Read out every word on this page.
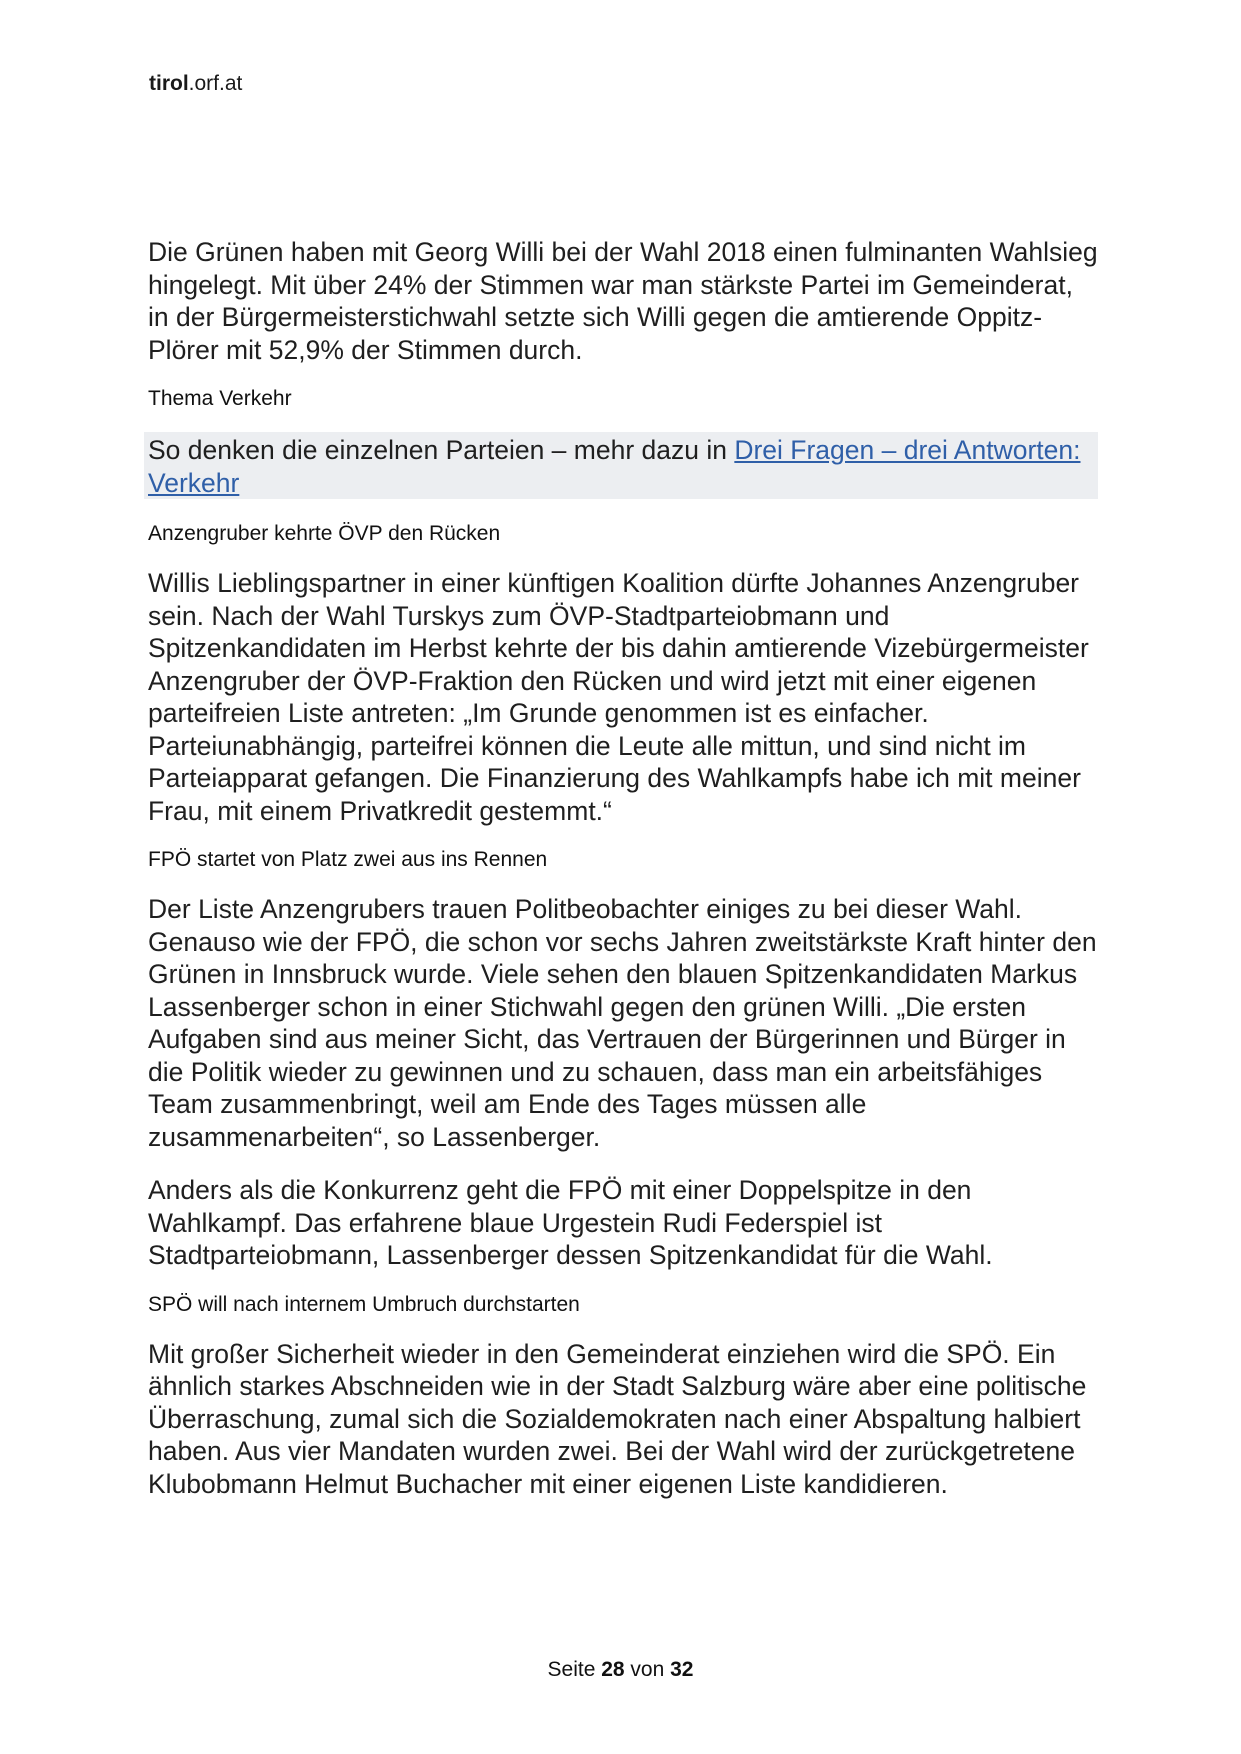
tirol.orf.at

Die Grünen haben mit Georg Willi bei der Wahl 2018 einen fulminanten Wahlsieg hingelegt. Mit über 24% der Stimmen war man stärkste Partei im Gemeinderat, in der Bürgermeisterstichwahl setzte sich Willi gegen die amtierende Oppitz-Plörer mit 52,9% der Stimmen durch.

Thema Verkehr

So denken die einzelnen Parteien – mehr dazu in Drei Fragen – drei Antworten: Verkehr

Anzengruber kehrte ÖVP den Rücken

Willis Lieblingspartner in einer künftigen Koalition dürfte Johannes Anzengruber sein. Nach der Wahl Turskys zum ÖVP-Stadtparteiobmann und Spitzenkandidaten im Herbst kehrte der bis dahin amtierende Vizebürgermeister Anzengruber der ÖVP-Fraktion den Rücken und wird jetzt mit einer eigenen parteifreien Liste antreten: „Im Grunde genommen ist es einfacher. Parteiunabhängig, parteifrei können die Leute alle mittun, und sind nicht im Parteiapparat gefangen. Die Finanzierung des Wahlkampfs habe ich mit meiner Frau, mit einem Privatkredit gestemmt.“

FPÖ startet von Platz zwei aus ins Rennen

Der Liste Anzengrubers trauen Politbeobachter einiges zu bei dieser Wahl. Genauso wie der FPÖ, die schon vor sechs Jahren zweitstärkste Kraft hinter den Grünen in Innsbruck wurde. Viele sehen den blauen Spitzenkandidaten Markus Lassenberger schon in einer Stichwahl gegen den grünen Willi. „Die ersten Aufgaben sind aus meiner Sicht, das Vertrauen der Bürgerinnen und Bürger in die Politik wieder zu gewinnen und zu schauen, dass man ein arbeitsfähiges Team zusammenbringt, weil am Ende des Tages müssen alle zusammenarbeiten“, so Lassenberger.

Anders als die Konkurrenz geht die FPÖ mit einer Doppelspitze in den Wahlkampf. Das erfahrene blaue Urgestein Rudi Federspiel ist Stadtparteiobmann, Lassenberger dessen Spitzenkandidat für die Wahl.

SPÖ will nach internem Umbruch durchstarten

Mit großer Sicherheit wieder in den Gemeinderat einziehen wird die SPÖ. Ein ähnlich starkes Abschneiden wie in der Stadt Salzburg wäre aber eine politische Überraschung, zumal sich die Sozialdemokraten nach einer Abspaltung halbiert haben. Aus vier Mandaten wurden zwei. Bei der Wahl wird der zurückgetretene Klubobmann Helmut Buchacher mit einer eigenen Liste kandidieren.

Seite 28 von 32
